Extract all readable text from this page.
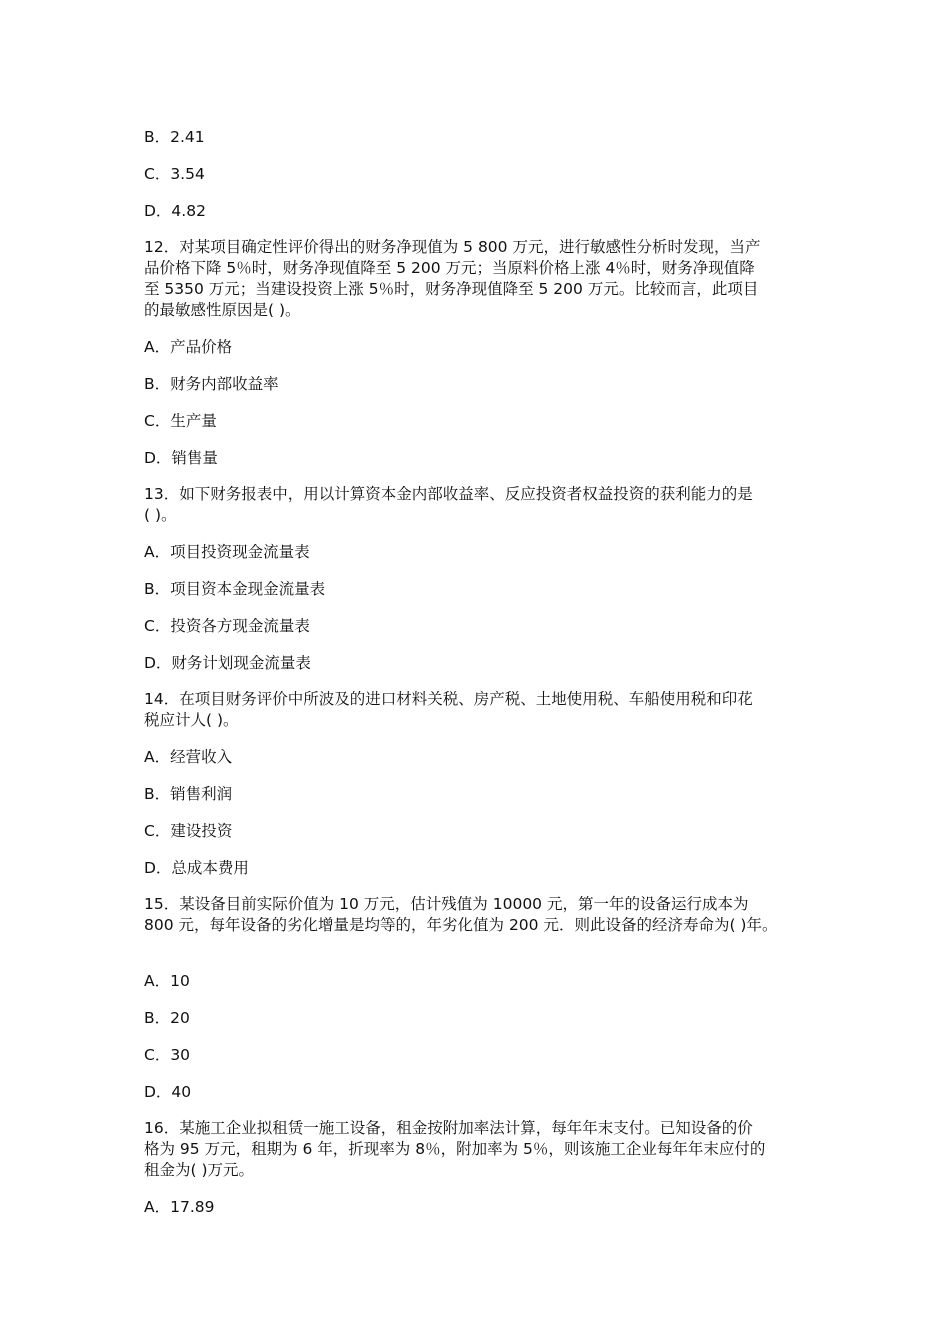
B．2.41
C．3.54
D．4.82
12．对某项目确定性评价得出的财务净现值为 5 800 万元，进行敏感性分析时发现，当产
品价格下降 5％时，财务净现值降至 5 200 万元；当原料价格上涨 4％时，财务净现值降
至 5350 万元；当建设投资上涨 5％时，财务净现值降至 5 200 万元。比较而言，此项目
的最敏感性原因是( )。
A．产品价格
B．财务内部收益率
C．生产量
D．销售量
13．如下财务报表中，用以计算资本金内部收益率、反应投资者权益投资的获利能力的是
( )。
A．项目投资现金流量表
B．项目资本金现金流量表
C．投资各方现金流量表
D．财务计划现金流量表
14．在项目财务评价中所波及的进口材料关税、房产税、土地使用税、车船使用税和印花
税应计人( )。
A．经营收入
B．销售利润
C．建设投资
D．总成本费用
15．某设备目前实际价值为 10 万元，估计残值为 10000 元，第一年的设备运行成本为
800 元，每年设备的劣化增量是均等的，年劣化值为 200 元．则此设备的经济寿命为( )年。
A．10
B．20
C．30
D．40
16．某施工企业拟租赁一施工设备，租金按附加率法计算，每年年末支付。已知设备的价
格为 95 万元，租期为 6 年，折现率为 8％，附加率为 5％，则该施工企业每年年末应付的
租金为( )万元。
A．17.89
